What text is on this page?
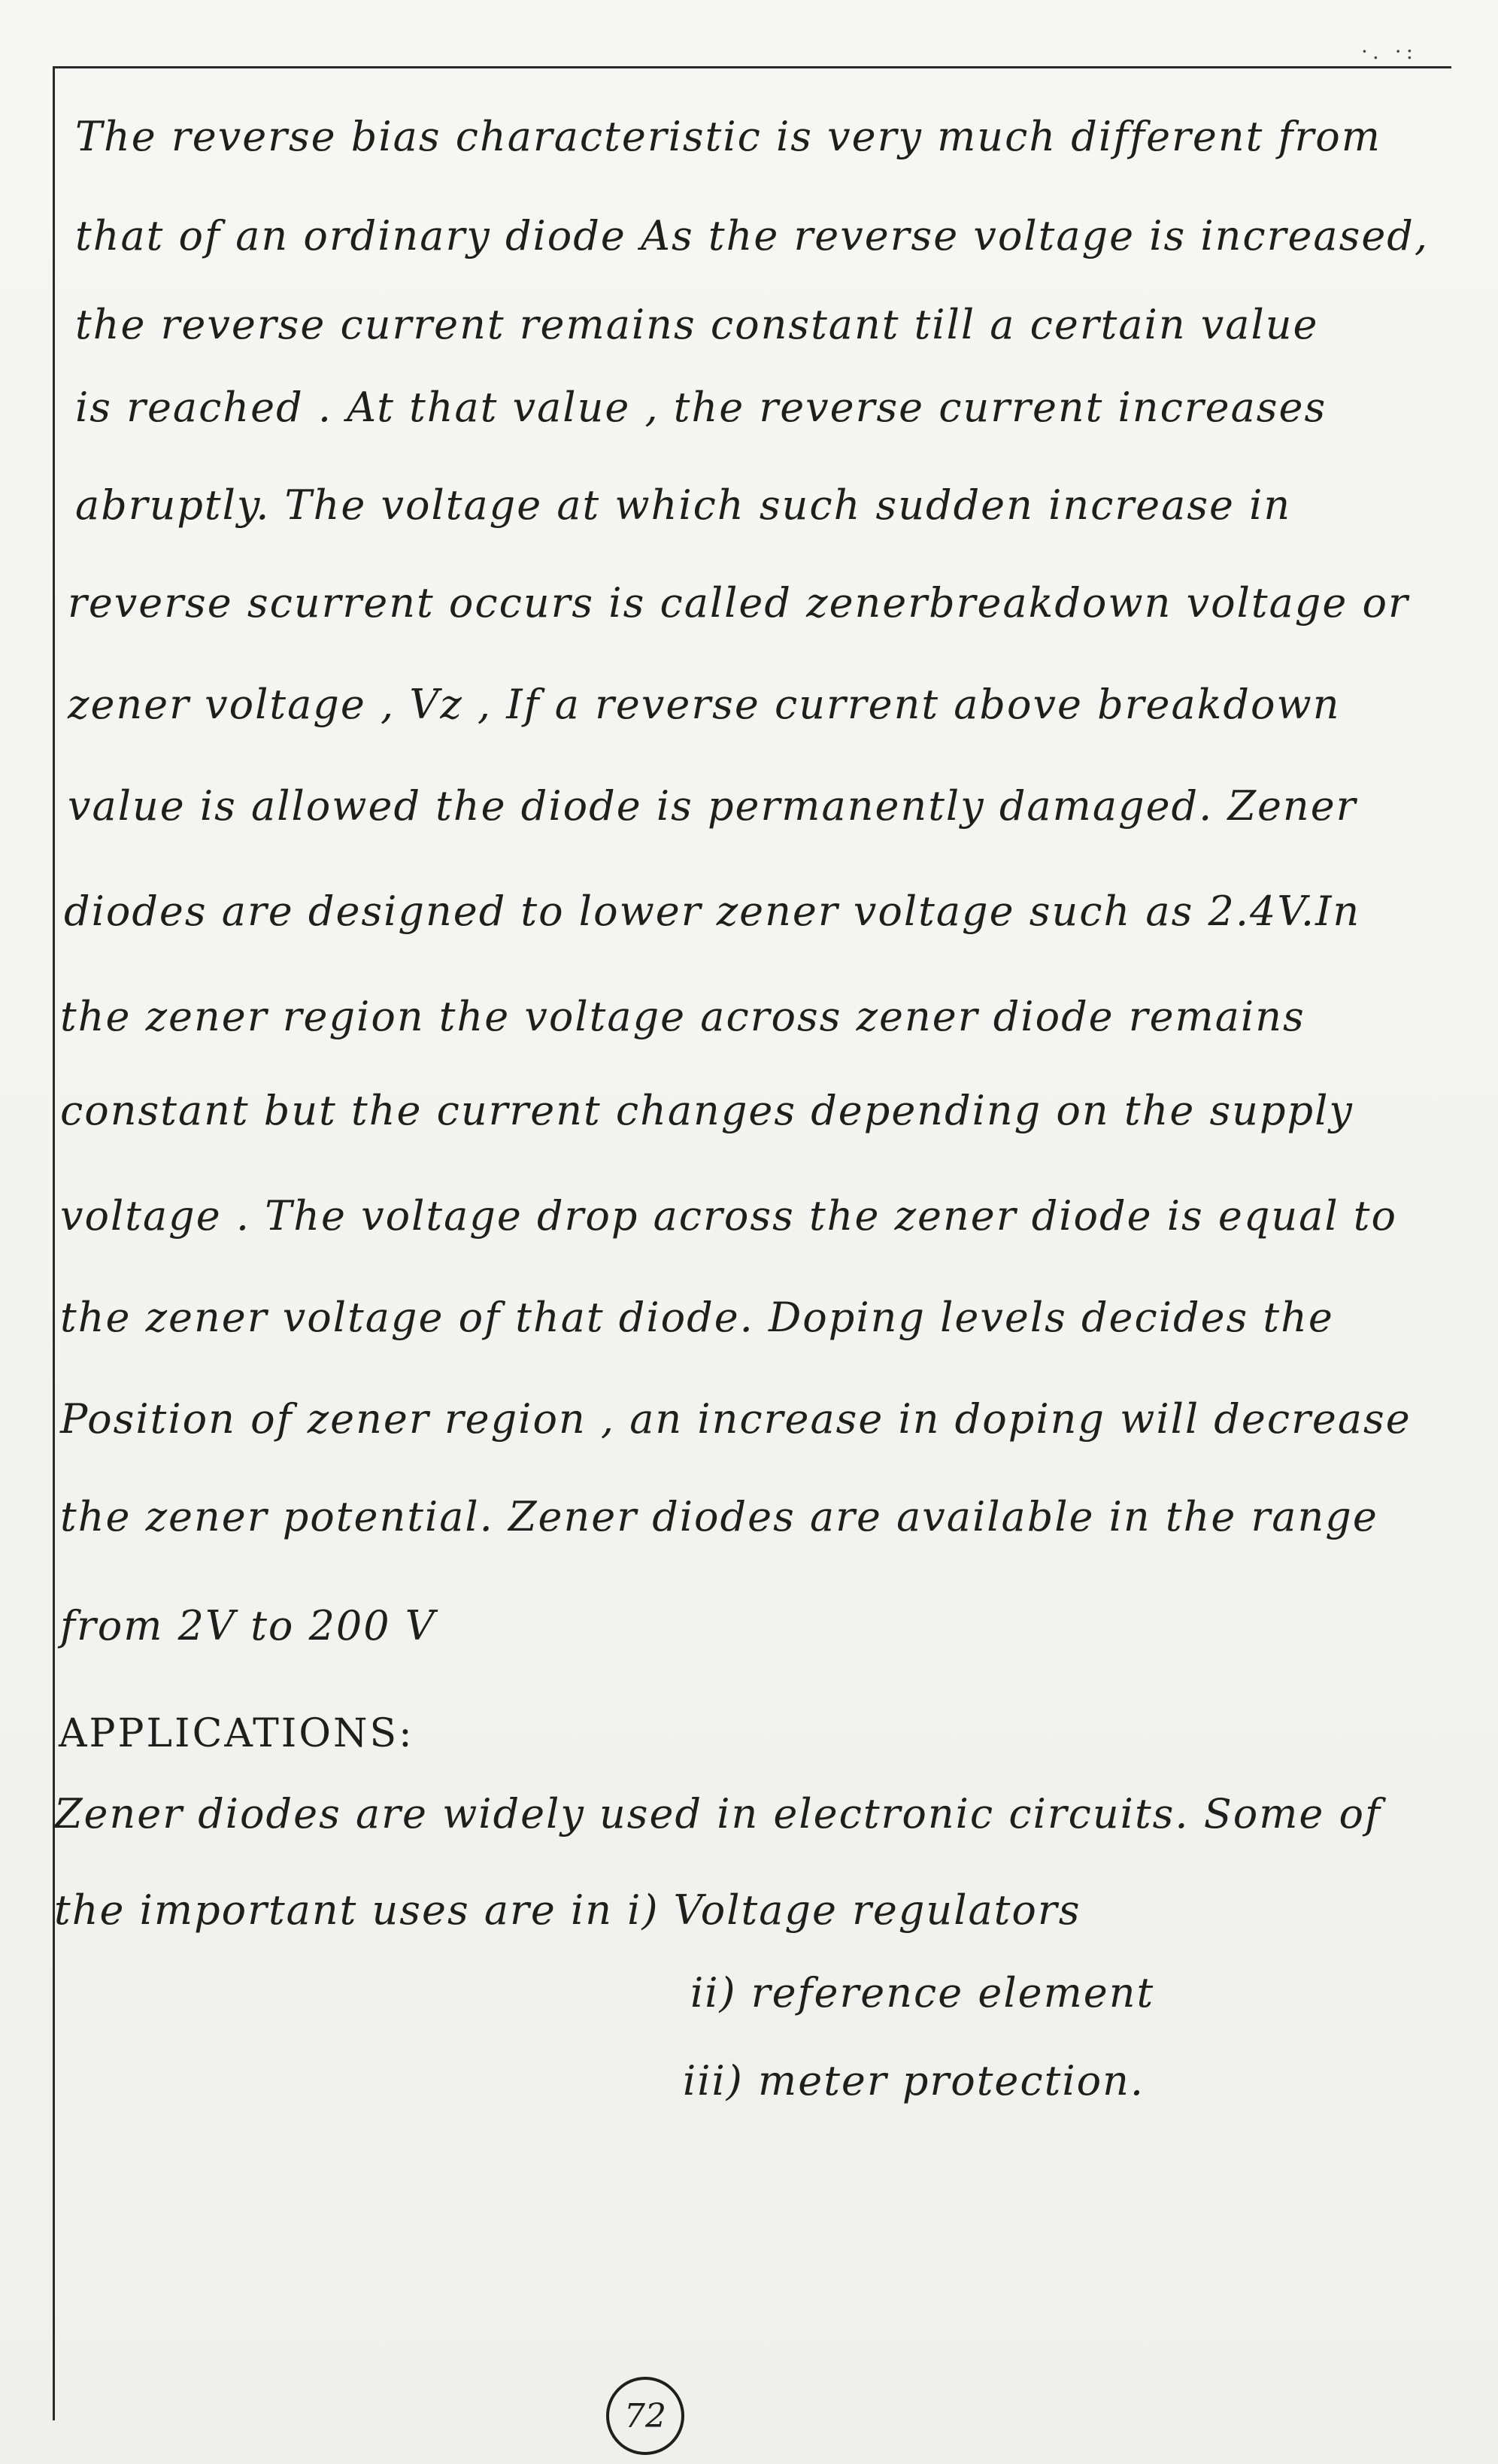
·. ·:
The reverse bias characteristic is very much different from
that of an ordinary diode As the reverse voltage is increased,
the reverse current remains constant till a certain value
is reached . At that value , the reverse current increases
abruptly. The voltage at which such sudden increase in
reverse scurrent occurs is called zenerbreakdown voltage or
zener voltage , Vz , If a reverse current above breakdown
value is allowed the diode is permanently damaged. Zener
diodes are designed to lower zener voltage such as 2.4V.In
the zener region the voltage across zener diode remains
constant but the current changes depending on the supply
voltage . The voltage drop across the zener diode is equal to
the zener voltage of that diode. Doping levels decides the
Position of zener region , an increase in doping will decrease
the zener potential. Zener diodes are available in the range
from 2V to 200 V
APPLICATIONS:
Zener diodes are widely used in electronic circuits. Some of
the important uses are in i) Voltage regulators
ii) reference element
iii) meter protection.
72
